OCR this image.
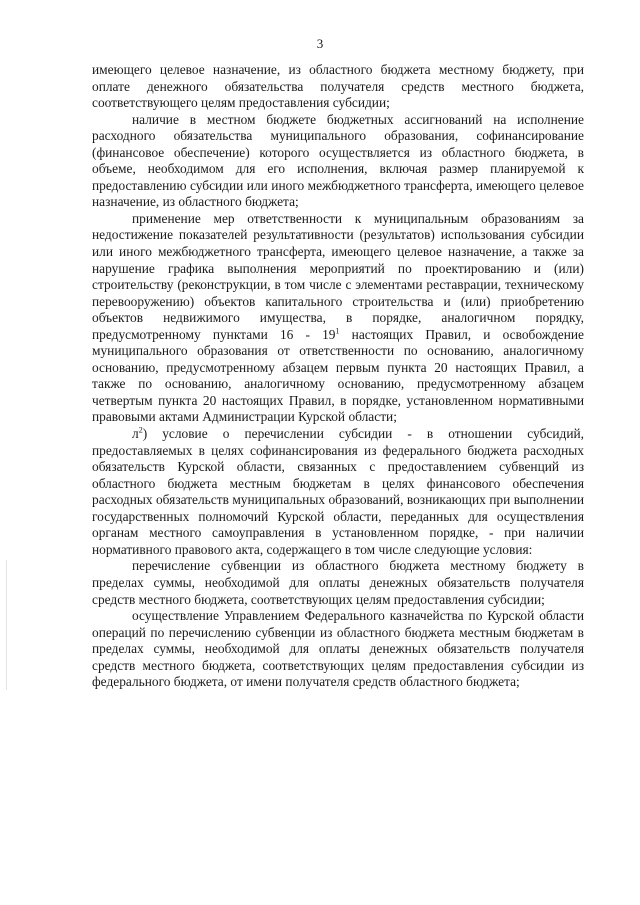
3

имеющего целевое назначение, из областного бюджета местному бюджету, при оплате денежного обязательства получателя средств местного бюджета, соответствующего целям предоставления субсидии;

наличие в местном бюджете бюджетных ассигнований на исполнение расходного обязательства муниципального образования, софинансирование (финансовое обеспечение) которого осуществляется из областного бюджета, в объеме, необходимом для его исполнения, включая размер планируемой к предоставлению субсидии или иного межбюджетного трансферта, имеющего целевое назначение, из областного бюджета;

применение мер ответственности к муниципальным образованиям за недостижение показателей результативности (результатов) использования субсидии или иного межбюджетного трансферта, имеющего целевое назначение, а также за нарушение графика выполнения мероприятий по проектированию и (или) строительству (реконструкции, в том числе с элементами реставрации, техническому перевооружению) объектов капитального строительства и (или) приобретению объектов недвижимого имущества, в порядке, аналогичном порядку, предусмотренному пунктами $16 - 19^1$ настоящих Правил, и освобождение муниципального образования от ответственности по основанию, аналогичному основанию, предусмотренному абзацем первым пункта 20 настоящих Правил, а также по основанию, аналогичному основанию, предусмотренному абзацем четвертым пункта 20 настоящих Правил, в порядке, установленном нормативными правовыми актами Администрации Курской области;

$л^2$) условие о перечислении субсидии - в отношении субсидий, предоставляемых в целях софинансирования из федерального бюджета расходных обязательств Курской области, связанных с предоставлением субвенций из областного бюджета местным бюджетам в целях финансового обеспечения расходных обязательств муниципальных образований, возникающих при выполнении государственных полномочий Курской области, переданных для осуществления органам местного самоуправления в установленном порядке, - при наличии нормативного правового акта, содержащего в том числе следующие условия:

перечисление субвенции из областного бюджета местному бюджету в пределах суммы, необходимой для оплаты денежных обязательств получателя средств местного бюджета, соответствующих целям предоставления субсидии;

осуществление Управлением Федерального казначейства по Курской области операций по перечислению субвенции из областного бюджета местным бюджетам в пределах суммы, необходимой для оплаты денежных обязательств получателя средств местного бюджета, соответствующих целям предоставления субсидии из федерального бюджета, от имени получателя средств областного бюджета;
